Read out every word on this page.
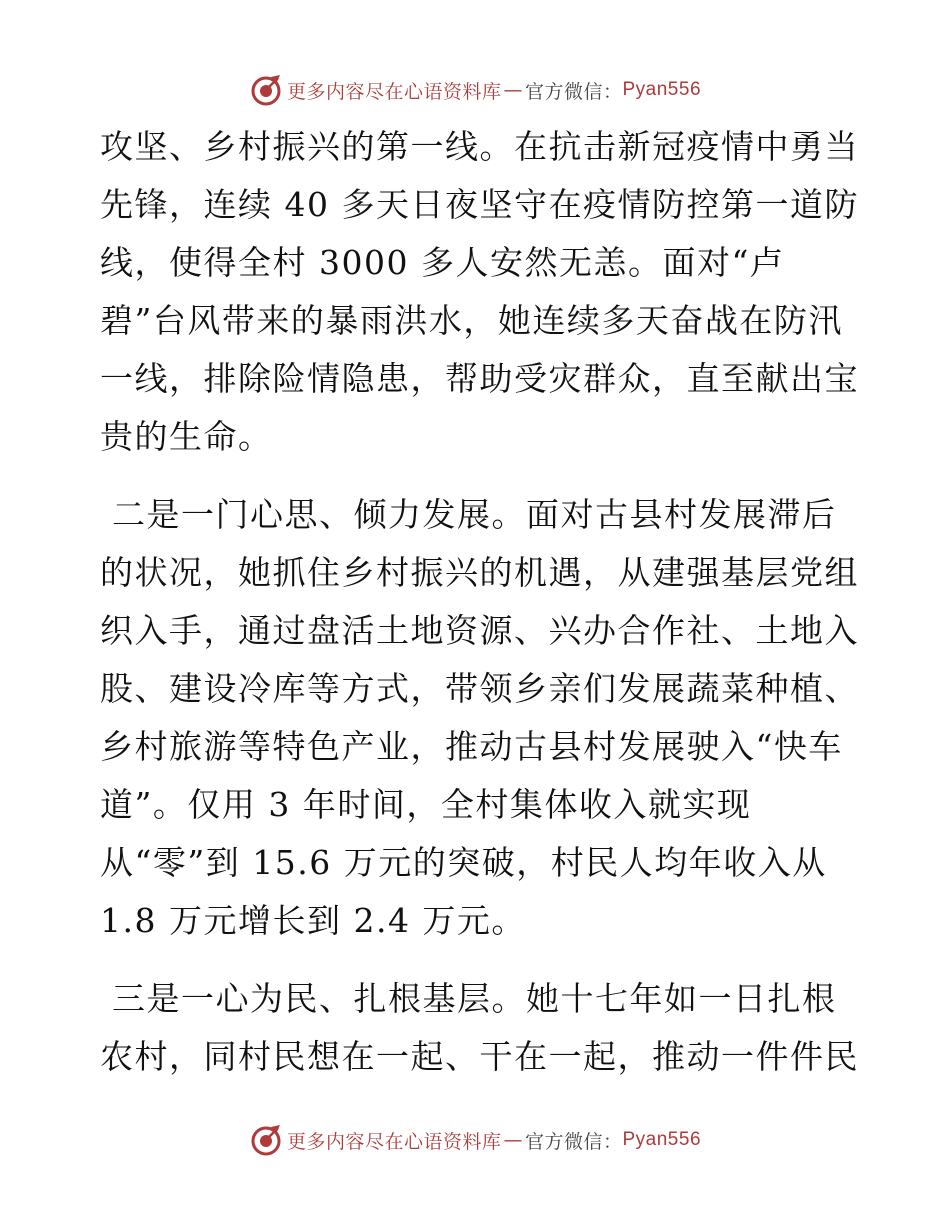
更多内容尽在心语资料库 — 官方微信： Pyan556
攻坚、乡村振兴的第一线。在抗击新冠疫情中勇当
先锋，连续 40 多天日夜坚守在疫情防控第一道防
线，使得全村 3000 多人安然无恙。面对“卢
碧”台风带来的暴雨洪水，她连续多天奋战在防汛
一线，排除险情隐患，帮助受灾群众，直至献出宝
贵的生命。
二是一门心思、倾力发展。面对古县村发展滞后
的状况，她抓住乡村振兴的机遇，从建强基层党组
织入手，通过盘活土地资源、兴办合作社、土地入
股、建设冷库等方式，带领乡亲们发展蔬菜种植、
乡村旅游等特色产业，推动古县村发展驶入“快车
道”。仅用 3 年时间，全村集体收入就实现
从“零”到 15.6 万元的突破，村民人均年收入从
1.8 万元增长到 2.4 万元。
三是一心为民、扎根基层。她十七年如一日扎根
农村，同村民想在一起、干在一起，推动一件件民
更多内容尽在心语资料库 — 官方微信： Pyan556
